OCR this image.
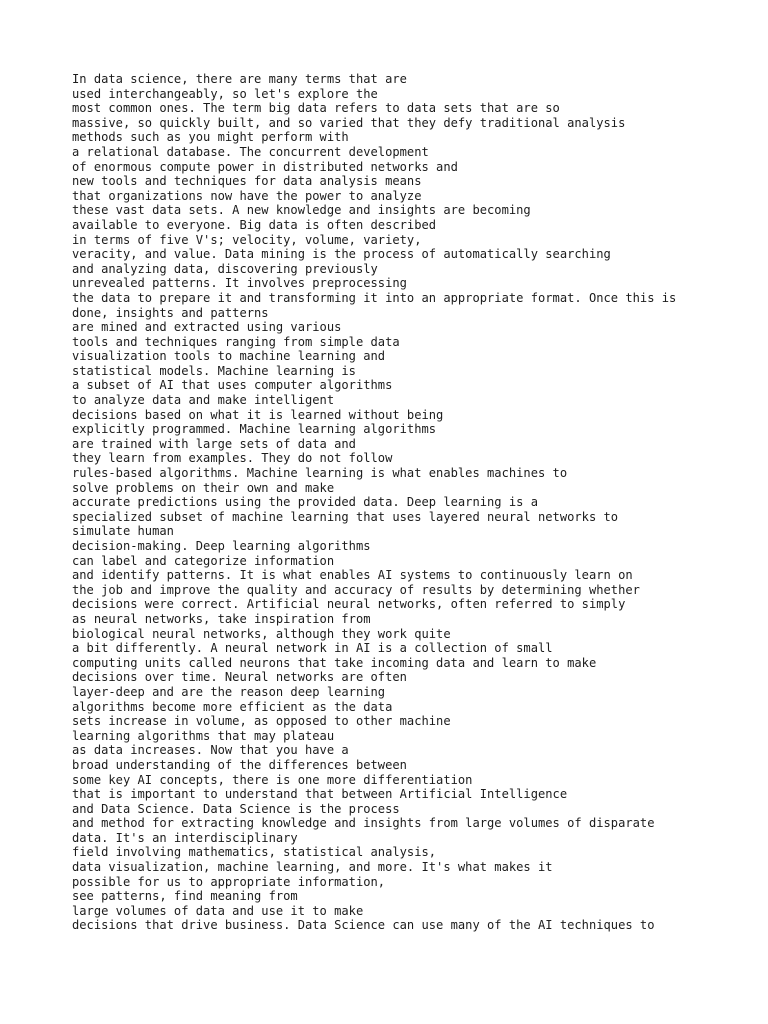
In data science, there are many terms that are
used interchangeably, so let's explore the
most common ones. The term big data refers to data sets that are so
massive, so quickly built, and so varied that they defy traditional analysis
methods such as you might perform with
a relational database. The concurrent development
of enormous compute power in distributed networks and
new tools and techniques for data analysis means
that organizations now have the power to analyze
these vast data sets. A new knowledge and insights are becoming
available to everyone. Big data is often described
in terms of five V's; velocity, volume, variety,
veracity, and value. Data mining is the process of automatically searching
and analyzing data, discovering previously
unrevealed patterns. It involves preprocessing
the data to prepare it and transforming it into an appropriate format. Once this is
done, insights and patterns
are mined and extracted using various
tools and techniques ranging from simple data
visualization tools to machine learning and
statistical models. Machine learning is
a subset of AI that uses computer algorithms
to analyze data and make intelligent
decisions based on what it is learned without being
explicitly programmed. Machine learning algorithms
are trained with large sets of data and
they learn from examples. They do not follow
rules-based algorithms. Machine learning is what enables machines to
solve problems on their own and make
accurate predictions using the provided data. Deep learning is a
specialized subset of machine learning that uses layered neural networks to
simulate human
decision-making. Deep learning algorithms
can label and categorize information
and identify patterns. It is what enables AI systems to continuously learn on
the job and improve the quality and accuracy of results by determining whether
decisions were correct. Artificial neural networks, often referred to simply
as neural networks, take inspiration from
biological neural networks, although they work quite
a bit differently. A neural network in AI is a collection of small
computing units called neurons that take incoming data and learn to make
decisions over time. Neural networks are often
layer-deep and are the reason deep learning
algorithms become more efficient as the data
sets increase in volume, as opposed to other machine
learning algorithms that may plateau
as data increases. Now that you have a
broad understanding of the differences between
some key AI concepts, there is one more differentiation
that is important to understand that between Artificial Intelligence
and Data Science. Data Science is the process
and method for extracting knowledge and insights from large volumes of disparate
data. It's an interdisciplinary
field involving mathematics, statistical analysis,
data visualization, machine learning, and more. It's what makes it
possible for us to appropriate information,
see patterns, find meaning from
large volumes of data and use it to make
decisions that drive business. Data Science can use many of the AI techniques to
